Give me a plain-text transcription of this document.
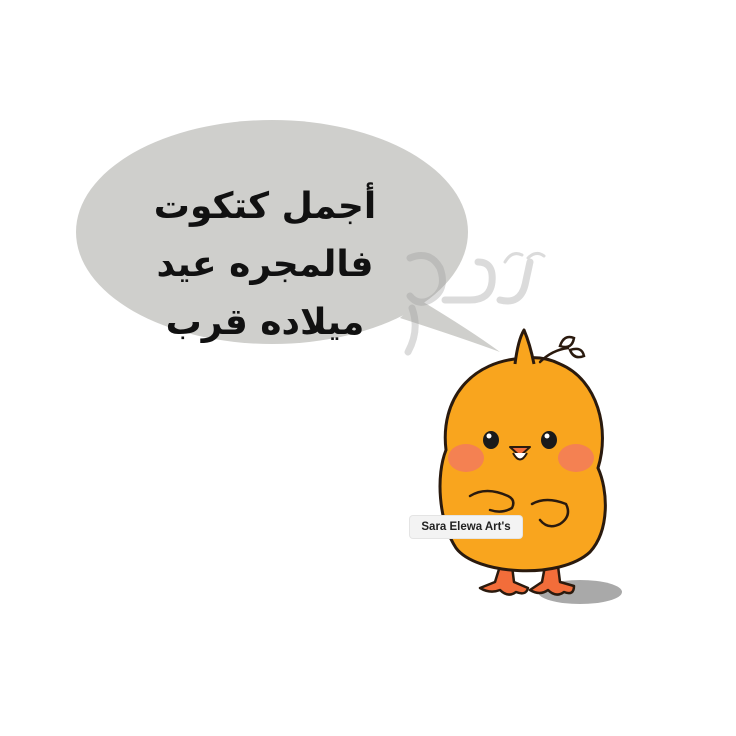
أجمل كتكوت فالمجره عيد
ميلاده قرب
Sara Elewa Art's
